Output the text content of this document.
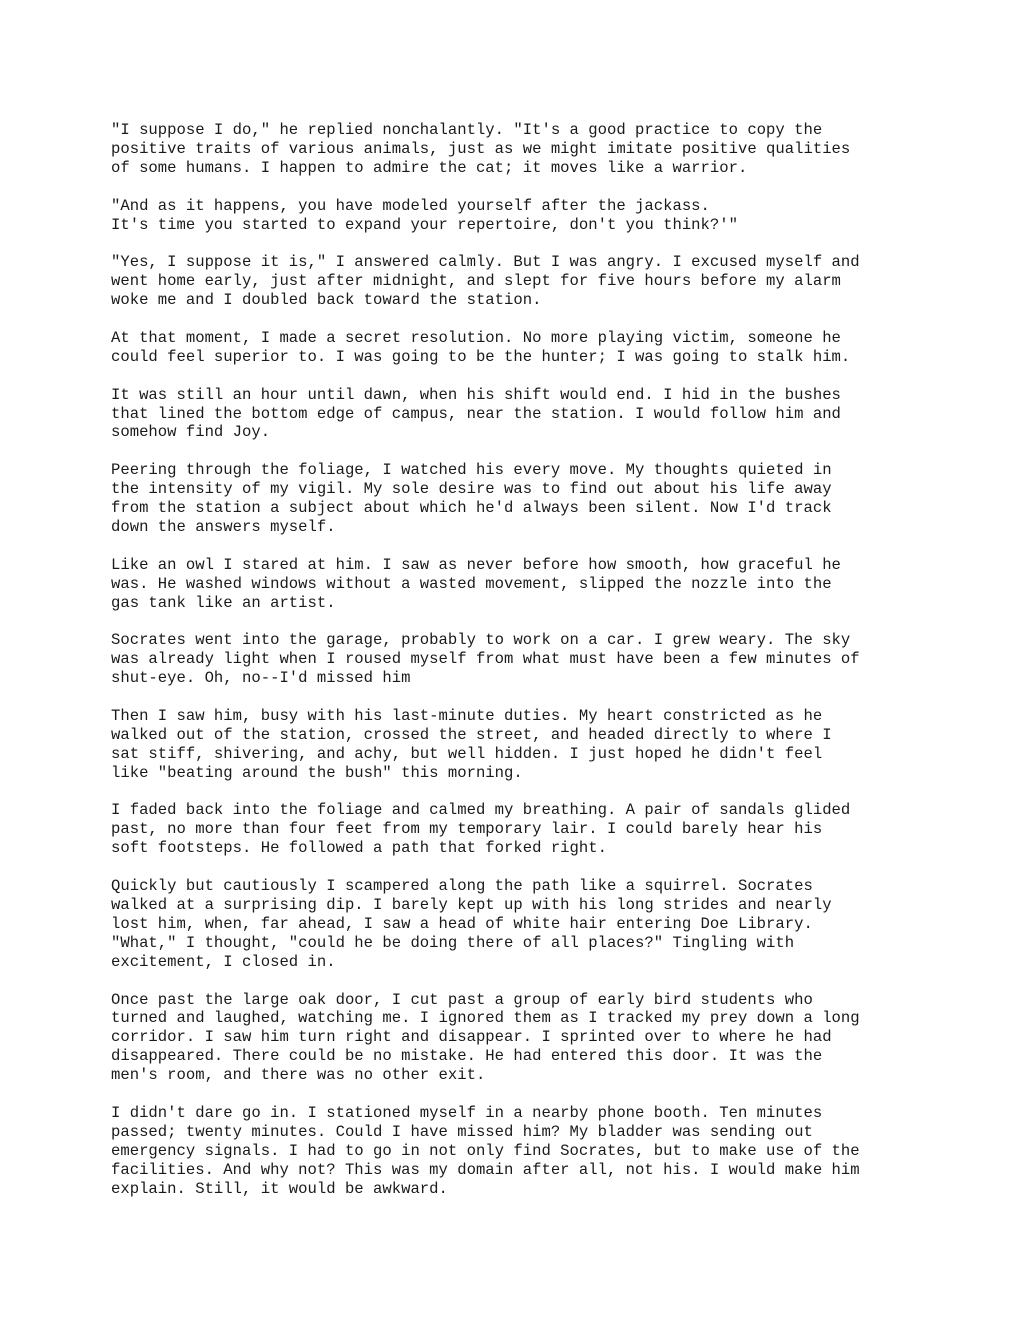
"I suppose I do," he replied nonchalantly. "It's a good practice to copy the
positive traits of various animals, just as we might imitate positive qualities
of some humans. I happen to admire the cat; it moves like a warrior.

"And as it happens, you have modeled yourself after the jackass.
It's time you started to expand your repertoire, don't you think?'"

"Yes, I suppose it is," I answered calmly. But I was angry. I excused myself and
went home early, just after midnight, and slept for five hours before my alarm
woke me and I doubled back toward the station.

At that moment, I made a secret resolution. No more playing victim, someone he
could feel superior to. I was going to be the hunter; I was going to stalk him.

It was still an hour until dawn, when his shift would end. I hid in the bushes
that lined the bottom edge of campus, near the station. I would follow him and
somehow find Joy.

Peering through the foliage, I watched his every move. My thoughts quieted in
the intensity of my vigil. My sole desire was to find out about his life away
from the station a subject about which he'd always been silent. Now I'd track
down the answers myself.

Like an owl I stared at him. I saw as never before how smooth, how graceful he
was. He washed windows without a wasted movement, slipped the nozzle into the
gas tank like an artist.

Socrates went into the garage, probably to work on a car. I grew weary. The sky
was already light when I roused myself from what must have been a few minutes of
shut-eye. Oh, no--I'd missed him

Then I saw him, busy with his last-minute duties. My heart constricted as he
walked out of the station, crossed the street, and headed directly to where I
sat stiff, shivering, and achy, but well hidden. I just hoped he didn't feel
like "beating around the bush" this morning.

I faded back into the foliage and calmed my breathing. A pair of sandals glided
past, no more than four feet from my temporary lair. I could barely hear his
soft footsteps. He followed a path that forked right.

Quickly but cautiously I scampered along the path like a squirrel. Socrates
walked at a surprising dip. I barely kept up with his long strides and nearly
lost him, when, far ahead, I saw a head of white hair entering Doe Library.
"What," I thought, "could he be doing there of all places?" Tingling with
excitement, I closed in.

Once past the large oak door, I cut past a group of early bird students who
turned and laughed, watching me. I ignored them as I tracked my prey down a long
corridor. I saw him turn right and disappear. I sprinted over to where he had
disappeared. There could be no mistake. He had entered this door. It was the
men's room, and there was no other exit.

I didn't dare go in. I stationed myself in a nearby phone booth. Ten minutes
passed; twenty minutes. Could I have missed him? My bladder was sending out
emergency signals. I had to go in not only find Socrates, but to make use of the
facilities. And why not? This was my domain after all, not his. I would make him
explain. Still, it would be awkward.
